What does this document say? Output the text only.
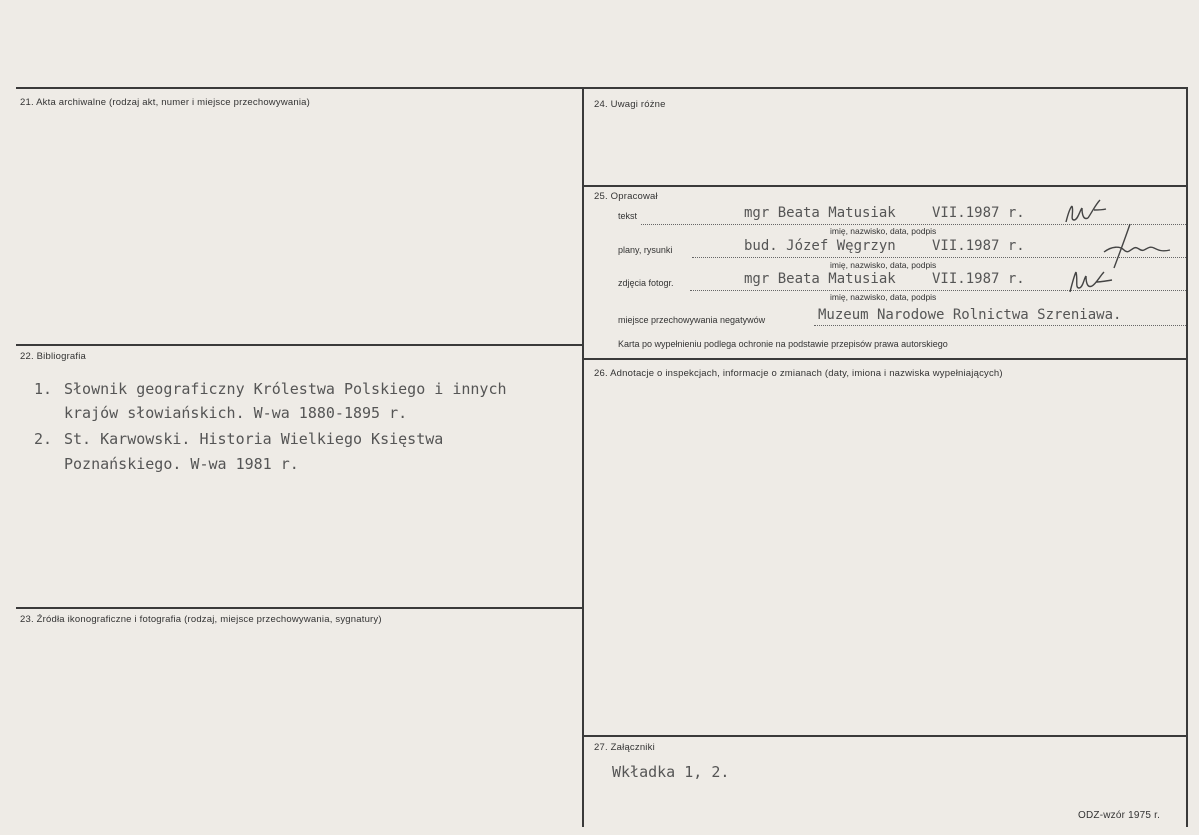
21. Akta archiwalne (rodzaj akt, numer i miejsce przechowywania)
22. Bibliografia
1. Słownik geograficzny Królestwa Polskiego i innych
krajów słowiańskich. W-wa 1880-1895 r.
2. St. Karwowski. Historia Wielkiego Księstwa
Poznańskiego. W-wa 1981 r.
23. Źródła ikonograficzne i fotografia (rodzaj, miejsce przechowywania, sygnatury)
24. Uwagi różne
25. Opracował
tekst	mgr Beata Matusiak	VII.1987 r.
imię, nazwisko, data, podpis
plany, rysunki	bud. Józef Węgrzyn	VII.1987 r.
imię, nazwisko, data, podpis
zdjęcia fotogr.	mgr Beata Matusiak	VII.1987 r.
imię, nazwisko, data, podpis
miejsce przechowywania negatywów	Muzeum Narodowe Rolnictwa Szreniawa.
Karta po wypełnieniu podlega ochronie na podstawie przepisów prawa autorskiego
26. Adnotacje o inspekcjach, informacje o zmianach (daty, imiona i nazwiska wypełniających)
27. Załączniki
Wkładka 1, 2.
ODZ-wzór 1975 r.
